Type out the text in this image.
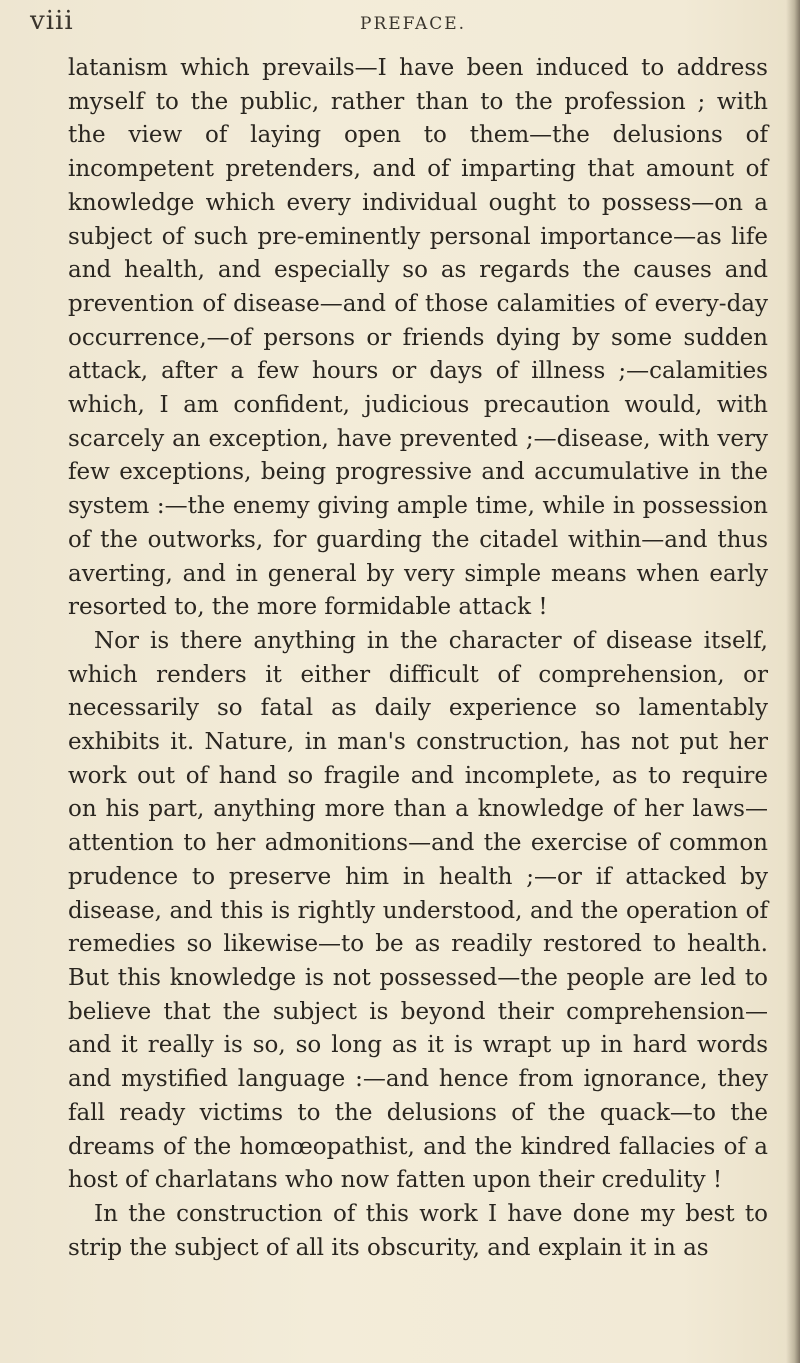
viii	PREFACE.

latanism which prevails—I have been induced to address myself to the public, rather than to the profession ; with the view of laying open to them—the delusions of incompetent pretenders, and of imparting that amount of knowledge which every individual ought to possess—on a subject of such pre-eminently personal importance—as life and health, and especially so as regards the causes and prevention of disease—and of those calamities of every-day occurrence,—of persons or friends dying by some sudden attack, after a few hours or days of illness ;—calamities which, I am confident, judicious precaution would, with scarcely an exception, have prevented ;—disease, with very few exceptions, being progressive and accumulative in the system :—the enemy giving ample time, while in possession of the outworks, for guarding the citadel within—and thus averting, and in general by very simple means when early resorted to, the more formidable attack !

Nor is there anything in the character of disease itself, which renders it either difficult of comprehension, or necessarily so fatal as daily experience so lamentably exhibits it. Nature, in man's construction, has not put her work out of hand so fragile and incomplete, as to require on his part, anything more than a knowledge of her laws—attention to her admonitions—and the exercise of common prudence to preserve him in health ;—or if attacked by disease, and this is rightly understood, and the operation of remedies so likewise—to be as readily restored to health. But this knowledge is not possessed—the people are led to believe that the subject is beyond their comprehension—and it really is so, so long as it is wrapt up in hard words and mystified language :—and hence from ignorance, they fall ready victims to the delusions of the quack—to the dreams of the homœopathist, and the kindred fallacies of a host of charlatans who now fatten upon their credulity !

In the construction of this work I have done my best to strip the subject of all its obscurity, and explain it in as
